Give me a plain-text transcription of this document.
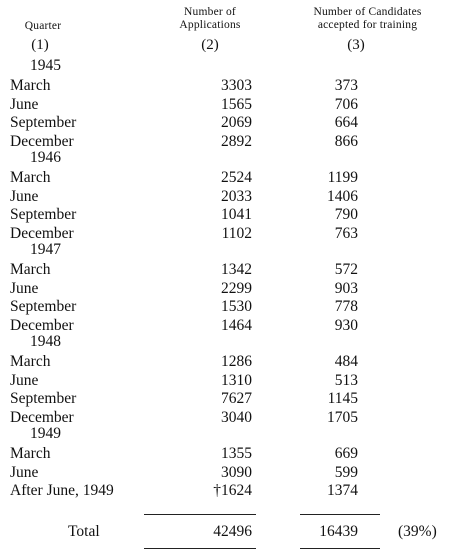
Quarter
Number of
Applications
Number of Candidates
accepted for training
(1)	(2)	(3)
1945
March	3303	373
June	1565	706
September	2069	664
December	2892	866
1946
March	2524	1199
June	2033	1406
September	1041	790
December	1102	763
1947
March	1342	572
June	2299	903
September	1530	778
December	1464	930
1948
March	1286	484
June	1310	513
September	7627	1145
December	3040	1705
1949
March	1355	669
June	3090	599
After June, 1949	†1624	1374
Total	42496	16439	(39%)
